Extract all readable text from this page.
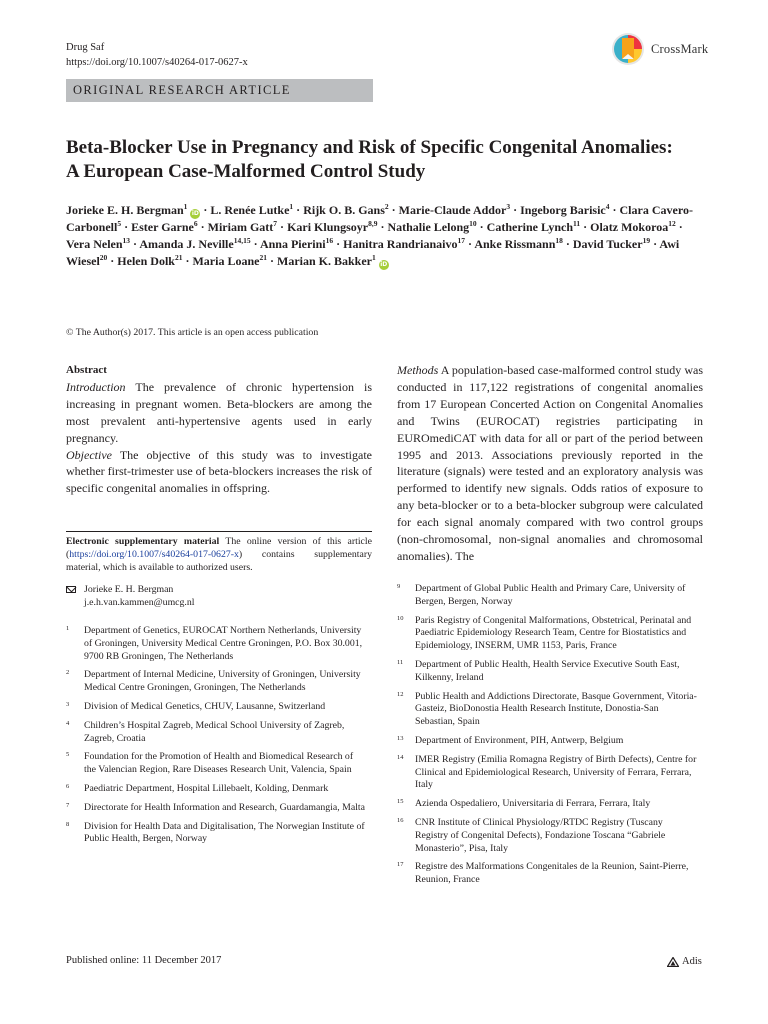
Drug Saf
https://doi.org/10.1007/s40264-017-0627-x
CrossMark
ORIGINAL RESEARCH ARTICLE
Beta-Blocker Use in Pregnancy and Risk of Specific Congenital Anomalies: A European Case-Malformed Control Study
Jorieke E. H. Bergman$^1$ iD · L. Renée Lutke$^1$ · Rijk O. B. Gans$^2$ · Marie-Claude Addor$^3$ · Ingeborg Barisic$^4$ · Clara Cavero-Carbonell$^5$ · Ester Garne$^6$ · Miriam Gatt$^7$ · Kari Klungsoyr$^{8,9}$ · Nathalie Lelong$^{10}$ · Catherine Lynch$^{11}$ · Olatz Mokoroa$^{12}$ · Vera Nelen$^{13}$ · Amanda J. Neville$^{14,15}$ · Anna Pierini$^{16}$ · Hanitra Randrianaivo$^{17}$ · Anke Rissmann$^{18}$ · David Tucker$^{19}$ · Awi Wiesel$^{20}$ · Helen Dolk$^{21}$ · Maria Loane$^{21}$ · Marian K. Bakker$^1$ iD
© The Author(s) 2017. This article is an open access publication
Abstract

Introduction The prevalence of chronic hypertension is increasing in pregnant women. Beta-blockers are among the most prevalent anti-hypertensive agents used in early pregnancy.

Objective The objective of this study was to investigate whether first-trimester use of beta-blockers increases the risk of specific congenital anomalies in offspring.

Methods A population-based case-malformed control study was conducted in 117,122 registrations of congenital anomalies from 17 European Concerted Action on Congenital Anomalies and Twins (EUROCAT) registries participating in EUROmediCAT with data for all or part of the period between 1995 and 2013. Associations previously reported in the literature (signals) were tested and an exploratory analysis was performed to identify new signals. Odds ratios of exposure to any beta-blocker or to a beta-blocker subgroup were calculated for each signal anomaly compared with two control groups (non-chromosomal, non-signal anomalies and chromosomal anomalies). The

Electronic supplementary material The online version of this article (https://doi.org/10.1007/s40264-017-0627-x) contains supplementary material, which is available to authorized users.
Jorieke E. H. Bergman
j.e.h.van.kammen@umcg.nl
1 Department of Genetics, EUROCAT Northern Netherlands, University of Groningen, University Medical Centre Groningen, P.O. Box 30.001, 9700 RB Groningen, The Netherlands
2 Department of Internal Medicine, University of Groningen, University Medical Centre Groningen, Groningen, The Netherlands
3 Division of Medical Genetics, CHUV, Lausanne, Switzerland
4 Children’s Hospital Zagreb, Medical School University of Zagreb, Zagreb, Croatia
5 Foundation for the Promotion of Health and Biomedical Research of the Valencian Region, Rare Diseases Research Unit, Valencia, Spain
6 Paediatric Department, Hospital Lillebaelt, Kolding, Denmark
7 Directorate for Health Information and Research, Guardamangia, Malta
8 Division for Health Data and Digitalisation, The Norwegian Institute of Public Health, Bergen, Norway
9 Department of Global Public Health and Primary Care, University of Bergen, Bergen, Norway
10 Paris Registry of Congenital Malformations, Obstetrical, Perinatal and Paediatric Epidemiology Research Team, Centre for Biostatistics and Epidemiology, INSERM, UMR 1153, Paris, France
11 Department of Public Health, Health Service Executive South East, Kilkenny, Ireland
12 Public Health and Addictions Directorate, Basque Government, Vitoria-Gasteiz, BioDonostia Health Research Institute, Donostia-San Sebastian, Spain
13 Department of Environment, PIH, Antwerp, Belgium
14 IMER Registry (Emilia Romagna Registry of Birth Defects), Centre for Clinical and Epidemiological Research, University of Ferrara, Ferrara, Italy
15 Azienda Ospedaliero, Universitaria di Ferrara, Ferrara, Italy
16 CNR Institute of Clinical Physiology/RTDC Registry (Tuscany Registry of Congenital Defects), Fondazione Toscana “Gabriele Monasterio”, Pisa, Italy
17 Registre des Malformations Congenitales de la Reunion, Saint-Pierre, Reunion, France
Published online: 11 December 2017	Adis
